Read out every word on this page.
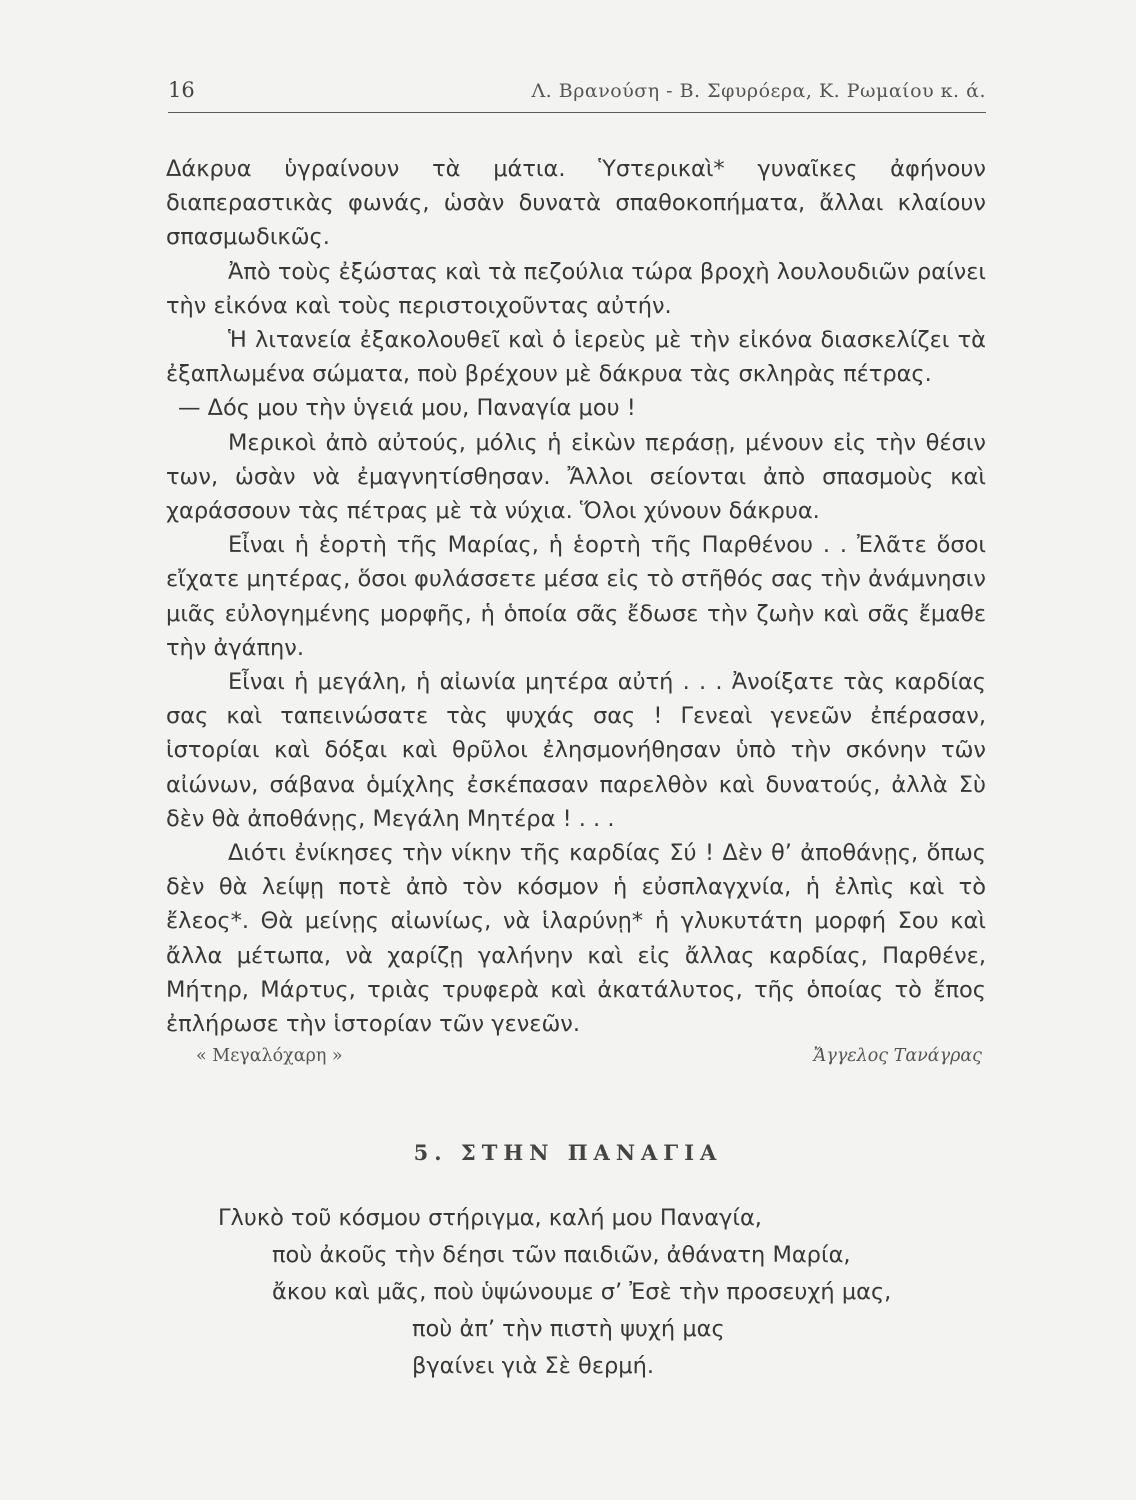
16	Λ. Βρανούση - Β. Σφυρόερα, Κ. Ρωμαίου κ. ά.

Δάκρυα ὑγραίνουν τὰ μάτια. Ὑστερικαὶ* γυναῖκες ἀφήνουν διαπεραστικὰς φωνάς, ὡσὰν δυνατὰ σπαθοκοπήματα, ἄλλαι κλαίουν σπασμωδικῶς.

Ἀπὸ τοὺς ἐξώστας καὶ τὰ πεζούλια τώρα βροχὴ λουλουδιῶν ραίνει τὴν εἰκόνα καὶ τοὺς περιστοιχοῦντας αὐτήν.

Ἡ λιτανεία ἐξακολουθεῖ καὶ ὁ ἱερεὺς μὲ τὴν εἰκόνα διασκελίζει τὰ ἐξαπλωμένα σώματα, ποὺ βρέχουν μὲ δάκρυα τὰς σκληρὰς πέτρας.

— Δός μου τὴν ὑγειά μου, Παναγία μου !

Μερικοὶ ἀπὸ αὐτούς, μόλις ἡ εἰκὼν περάσῃ, μένουν εἰς τὴν θέσιν των, ὡσὰν νὰ ἐμαγνητίσθησαν. Ἄλλοι σείονται ἀπὸ σπασμοὺς καὶ χαράσσουν τὰς πέτρας μὲ τὰ νύχια. Ὅλοι χύνουν δάκρυα.

Εἶναι ἡ ἑορτὴ τῆς Μαρίας, ἡ ἑορτὴ τῆς Παρθένου . . Ἐλᾶτε ὅσοι εἴχατε μητέρας, ὅσοι φυλάσσετε μέσα εἰς τὸ στῆθός σας τὴν ἀνάμνησιν μιᾶς εὐλογημένης μορφῆς, ἡ ὁποία σᾶς ἔδωσε τὴν ζωὴν καὶ σᾶς ἔμαθε τὴν ἀγάπην.

Εἶναι ἡ μεγάλη, ἡ αἰωνία μητέρα αὐτή . . . Ἀνοίξατε τὰς καρδίας σας καὶ ταπεινώσατε τὰς ψυχάς σας ! Γενεαὶ γενεῶν ἐπέρασαν, ἱστορίαι καὶ δόξαι καὶ θρῦλοι ἐλησμονήθησαν ὑπὸ τὴν σκόνην τῶν αἰώνων, σάβανα ὁμίχλης ἐσκέπασαν παρελθὸν καὶ δυνατούς, ἀλλὰ Σὺ δὲν θὰ ἀποθάνῃς, Μεγάλη Μητέρα ! . . .

Διότι ἐνίκησες τὴν νίκην τῆς καρδίας Σύ ! Δὲν θ’ ἀποθάνῃς, ὅπως δὲν θὰ λείψῃ ποτὲ ἀπὸ τὸν κόσμον ἡ εὐσπλαγχνία, ἡ ἐλπὶς καὶ τὸ ἔλεος*. Θὰ μείνῃς αἰωνίως, νὰ ἱλαρύνῃ* ἡ γλυκυτάτη μορφή Σου καὶ ἄλλα μέτωπα, νὰ χαρίζῃ γαλήνην καὶ εἰς ἄλλας καρδίας, Παρθένε, Μήτηρ, Μάρτυς, τριὰς τρυφερὰ καὶ ἀκατάλυτος, τῆς ὁποίας τὸ ἔπος ἐπλήρωσε τὴν ἱστορίαν τῶν γενεῶν.

« Μεγαλόχαρη »	Ἄγγελος Τανάγρας
5. ΣΤΗΝ ΠΑΝΑΓΙΑ
Γλυκὸ τοῦ κόσμου στήριγμα, καλή μου Παναγία,
ποὺ ἀκοῦς τὴν δέησι τῶν παιδιῶν, ἀθάνατη Μαρία,
ἄκου καὶ μᾶς, ποὺ ὑψώνουμε σ’ Ἐσὲ τὴν προσευχή μας,
ποὺ ἀπ’ τὴν πιστὴ ψυχή μας
βγαίνει γιὰ Σὲ θερμή.
